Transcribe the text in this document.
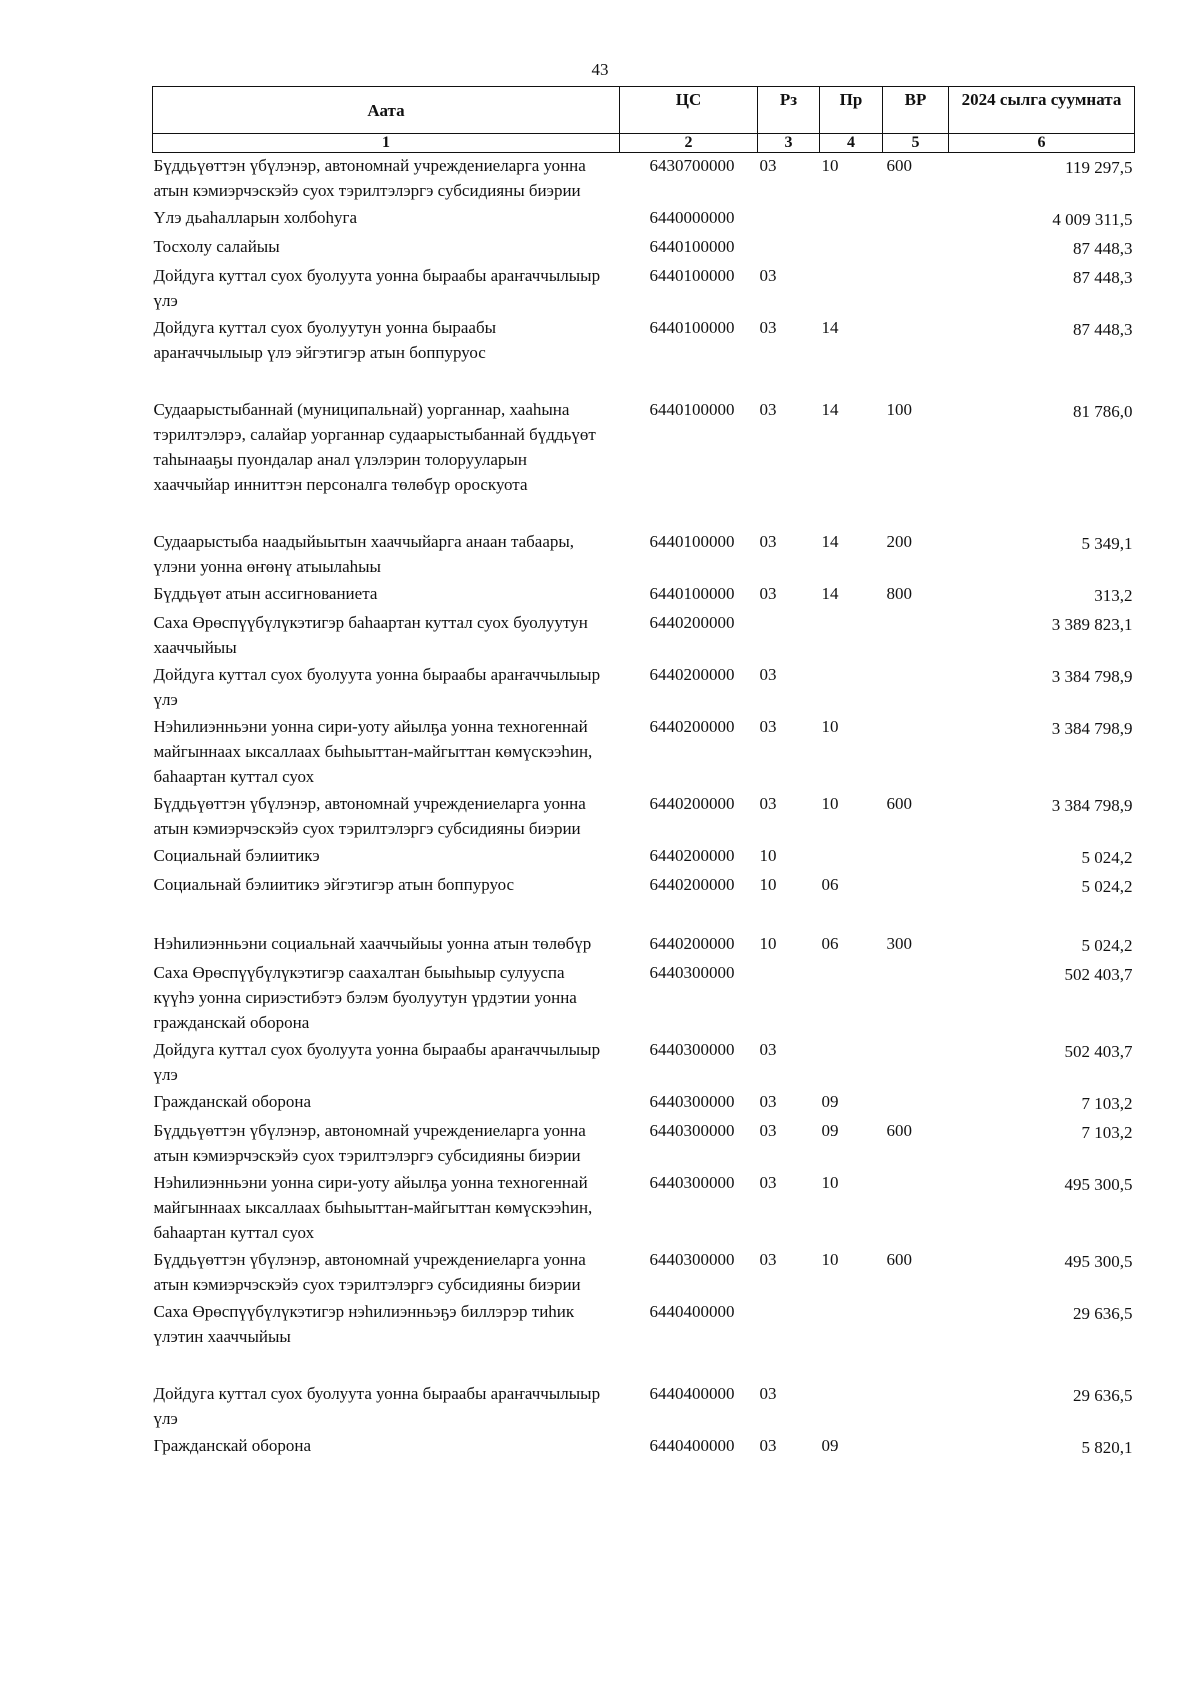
43
Аата	ЦС	Рз	Пр	ВР	2024 сылга суумната
1	2	3	4	5	6
Бүддьүөттэн үбүлэнэр, автономнай учреждениеларга уонна атын кэмиэрчэскэйэ суох тэрилтэлэргэ субсидияны биэрии	6430700000	03	10	600	119 297,5
Үлэ дьаһалларын холбоһуга	6440000000				4 009 311,5
Тосхолу салайыы	6440100000				87 448,3
Дойдуга куттал суох буолуута уонна быраабы араҥаччылыыр үлэ	6440100000	03			87 448,3
Дойдуга куттал суох буолуутун уонна быраабы араҥаччылыыр үлэ эйгэтигэр атын боппуруос	6440100000	03	14		87 448,3
Судаарыстыбаннай (муниципальнай) уорганнар, хааһына тэрилтэлэрэ, салайар уорганнар судаарыстыбаннай бүддьүөт таһынааҕы пуондалар анал үлэлэрин толорууларын хааччыйар инниттэн персоналга төлөбүр ороскуота	6440100000	03	14	100	81 786,0
Судаарыстыба наадыйыытын хааччыйарга анаан табаары, үлэни уонна өҥөнү атыылаһыы	6440100000	03	14	200	5 349,1
Бүддьүөт атын ассигнованиета	6440100000	03	14	800	313,2
Саха Өрөспүүбүлүкэтигэр баһаартан куттал суох буолуутун хааччыйыы	6440200000				3 389 823,1
Дойдуга куттал суох буолуута уонна быраабы араҥаччылыыр үлэ	6440200000	03			3 384 798,9
Нэһилиэнньэни уонна сири-уоту айылҕа уонна техногеннай майгыннаах ыксаллаах быһыыттан-майгыттан көмүскээһин, баһаартан куттал суох	6440200000	03	10		3 384 798,9
Бүддьүөттэн үбүлэнэр, автономнай учреждениеларга уонна атын кэмиэрчэскэйэ суох тэрилтэлэргэ субсидияны биэрии	6440200000	03	10	600	3 384 798,9
Социальнай бэлиитикэ	6440200000	10			5 024,2
Социальнай бэлиитикэ эйгэтигэр атын боппуруос	6440200000	10	06		5 024,2
Нэһилиэнньэни социальнай хааччыйыы уонна атын төлөбүр	6440200000	10	06	300	5 024,2
Саха Өрөспүүбүлүкэтигэр саахалтан быыһыыр сулууспа күүһэ уонна сириэстибэтэ бэлэм буолуутун үрдэтии уонна гражданскай оборона	6440300000				502 403,7
Дойдуга куттал суох буолуута уонна быраабы араҥаччылыыр үлэ	6440300000	03			502 403,7
Гражданскай оборона	6440300000	03	09		7 103,2
Бүддьүөттэн үбүлэнэр, автономнай учреждениеларга уонна атын кэмиэрчэскэйэ суох тэрилтэлэргэ субсидияны биэрии	6440300000	03	09	600	7 103,2
Нэһилиэнньэни уонна сири-уоту айылҕа уонна техногеннай майгыннаах ыксаллаах быһыыттан-майгыттан көмүскээһин, баһаартан куттал суох	6440300000	03	10		495 300,5
Бүддьүөттэн үбүлэнэр, автономнай учреждениеларга уонна атын кэмиэрчэскэйэ суох тэрилтэлэргэ субсидияны биэрии	6440300000	03	10	600	495 300,5
Саха Өрөспүүбүлүкэтигэр нэһилиэнньэҕэ биллэрэр тиһик үлэтин хааччыйыы	6440400000				29 636,5
Дойдуга куттал суох буолуута уонна быраабы араҥаччылыыр үлэ	6440400000	03			29 636,5
Гражданскай оборона	6440400000	03	09		5 820,1
